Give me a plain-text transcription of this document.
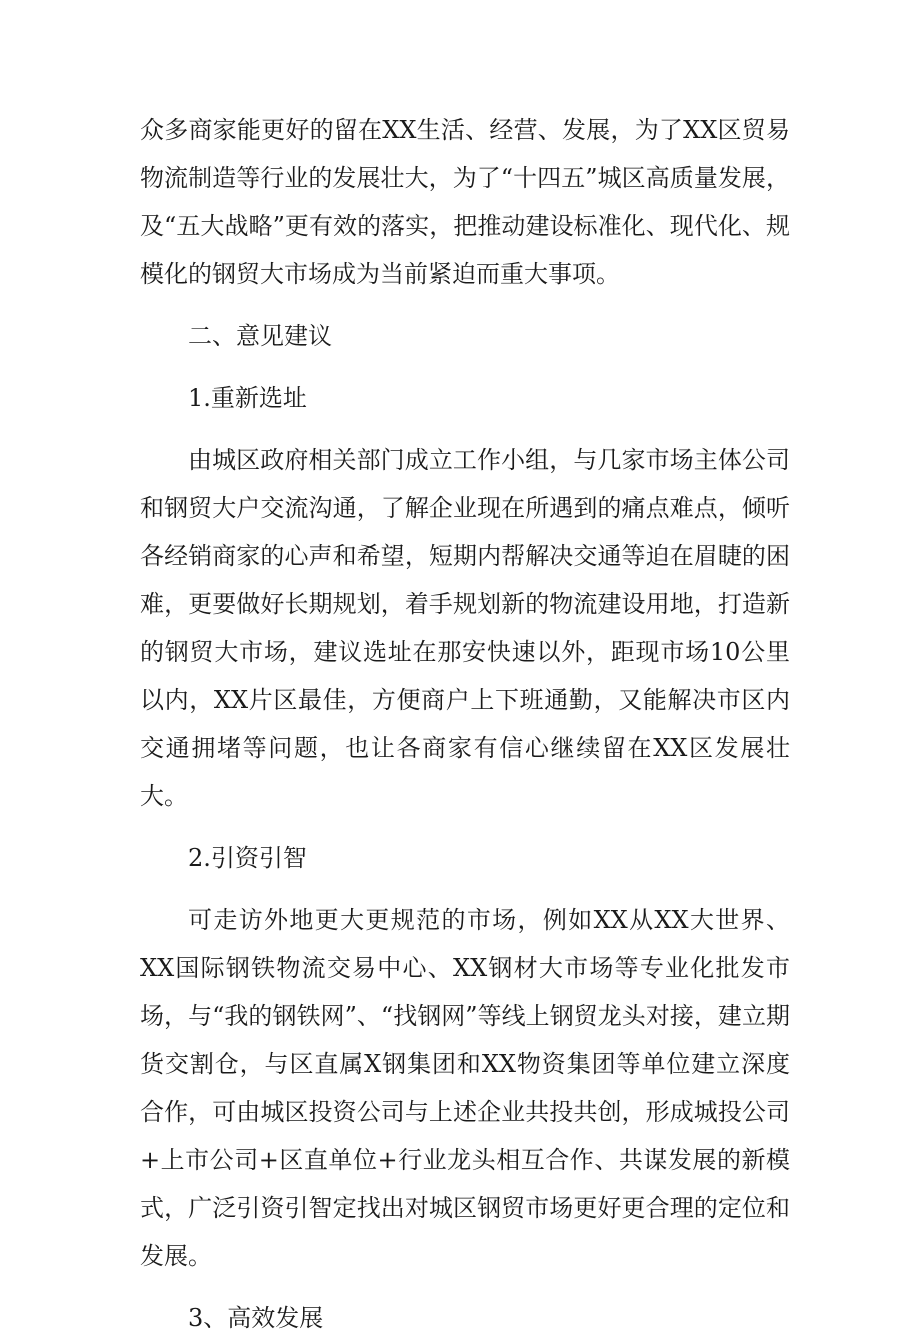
众多商家能更好的留在XX生活、经营、发展，为了XX区贸易物流制造等行业的发展壮大，为了“十四五”城区高质量发展，及“五大战略”更有效的落实，把推动建设标准化、现代化、规模化的钢贸大市场成为当前紧迫而重大事项。

二、意见建议

1.重新选址

由城区政府相关部门成立工作小组，与几家市场主体公司和钢贸大户交流沟通，了解企业现在所遇到的痛点难点，倾听各经销商家的心声和希望，短期内帮解决交通等迫在眉睫的困难，更要做好长期规划，着手规划新的物流建设用地，打造新的钢贸大市场，建议选址在那安快速以外，距现市场10公里以内，XX片区最佳，方便商户上下班通勤，又能解决市区内交通拥堵等问题，也让各商家有信心继续留在XX区发展壮大。

2.引资引智

可走访外地更大更规范的市场，例如XX从XX大世界、XX国际钢铁物流交易中心、XX钢材大市场等专业化批发市场，与“我的钢铁网”、“找钢网”等线上钢贸龙头对接，建立期货交割仓，与区直属X钢集团和XX物资集团等单位建立深度合作，可由城区投资公司与上述企业共投共创，形成城投公司+上市公司+区直单位+行业龙头相互合作、共谋发展的新模式，广泛引资引智定找出对城区钢贸市场更好更合理的定位和发展。

3、高效发展
